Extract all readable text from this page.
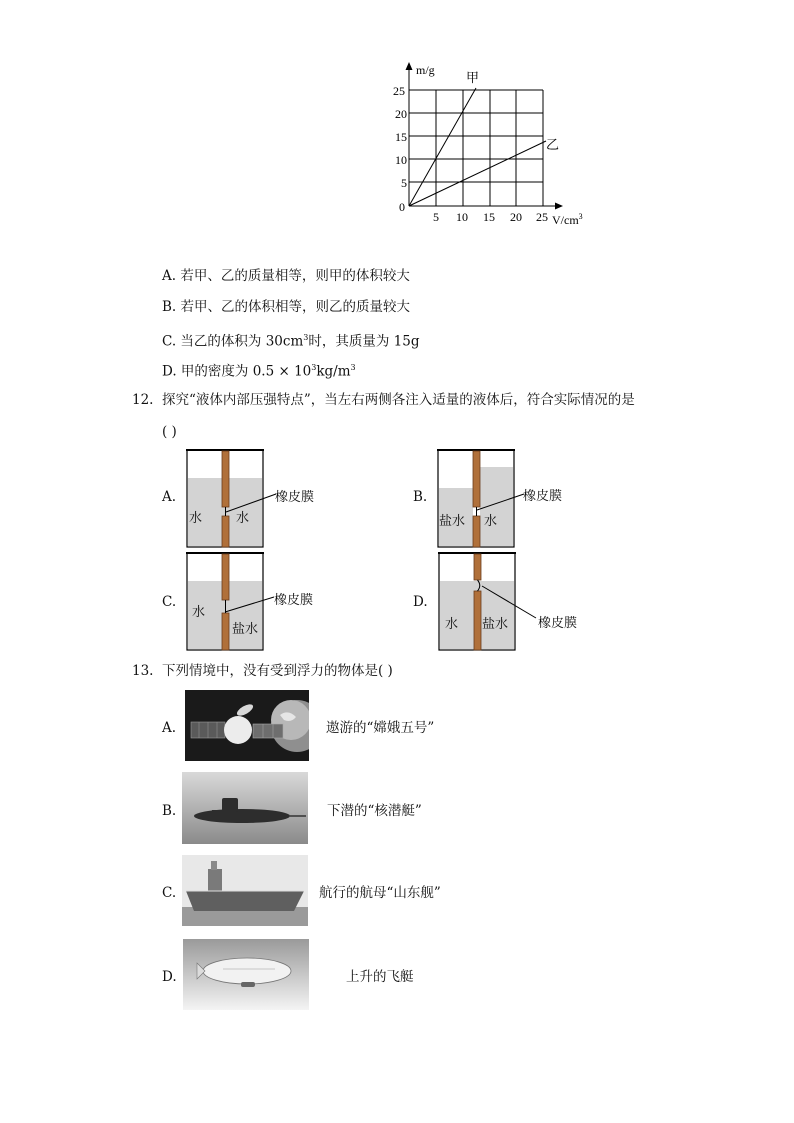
m/g 甲
乙
25
20
15
10
5
0
5 10 15 20 25 $V/cm^3$
A. 若甲、乙的质量相等，则甲的体积较大
B. 若甲、乙的体积相等，则乙的质量较大
C. 当乙的体积为 $30cm^3$时，其质量为 15g
D. 甲的密度为 $0.5 \times 10^3kg/m^3$
12. 探究“液体内部压强特点”，当左右两侧各注入适量的液体后，符合实际情况的是
( )
A.
水	水
橡皮膜	B.
盐水 水
橡皮膜
C.
水
盐水
橡皮膜	D.
水 盐水 橡皮膜
13. 下列情境中，没有受到浮力的物体是( )
A.	遨游的“嫦娥五号”
B.	下潜的“核潜艇”
C.	航行的航母“山东舰”
D.	上升的飞艇
